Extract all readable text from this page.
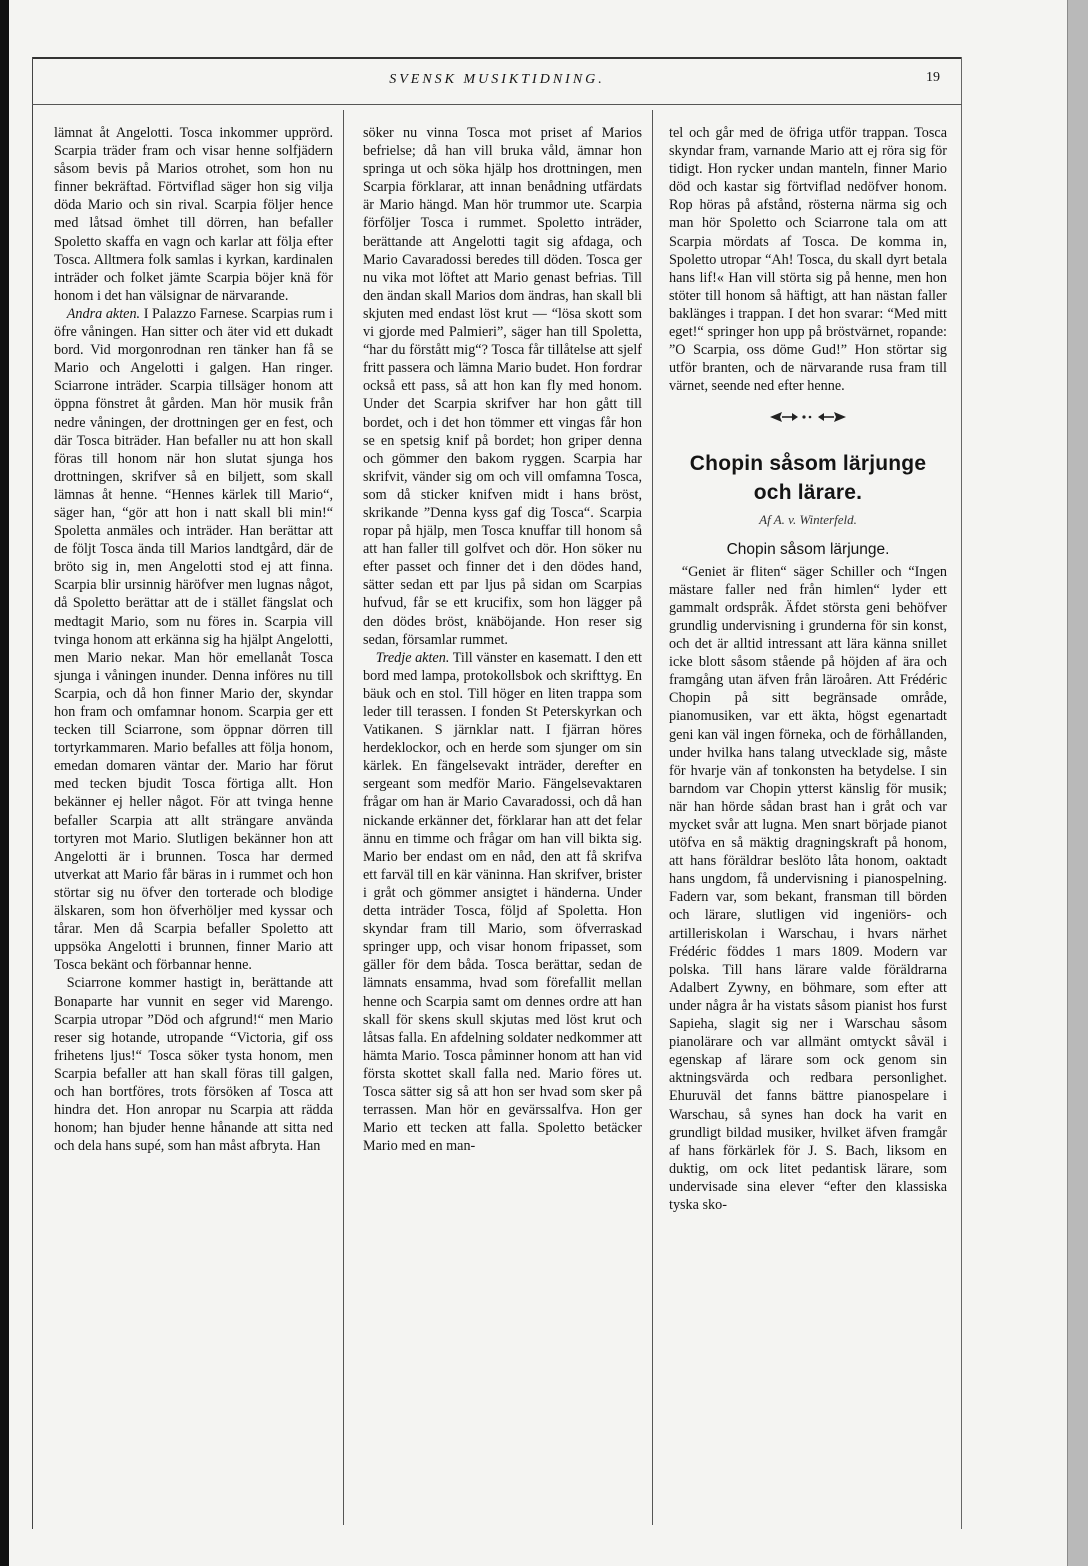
SVENSK MUSIKTIDNING.	19

lämnat åt Angelotti. Tosca inkommer upprörd. Scarpia träder fram och visar henne solfjädern såsom bevis på Marios otrohet, som hon nu finner bekräftad. Förtviflad säger hon sig vilja döda Mario och sin rival. Scarpia följer hence med låtsad ömhet till dörren, han befaller Spoletto skaffa en vagn och karlar att följa efter Tosca. Alltmera folk samlas i kyrkan, kardinalen inträder och folket jämte Scarpia böjer knä för honom i det han välsignar de närvarande.

Andra akten. I Palazzo Farnese. Scarpias rum i öfre våningen. Han sitter och äter vid ett dukadt bord. Vid morgonrodnan ren tänker han få se Mario och Angelotti i galgen. Han ringer. Sciarrone inträder. Scarpia tillsäger honom att öppna fönstret åt gården. Man hör musik från nedre våningen, der drottningen ger en fest, och där Tosca biträder. Han befaller nu att hon skall föras till honom när hon slutat sjunga hos drottningen, skrifver så en biljett, som skall lämnas åt henne. “Hennes kärlek till Mario“, säger han, “gör att hon i natt skall bli min!“ Spoletta anmäles och inträder. Han berättar att de följt Tosca ända till Marios landtgård, där de bröto sig in, men Angelotti stod ej att finna. Scarpia blir ursinnig häröfver men lugnas något, då Spoletto berättar att de i stället fängslat och medtagit Mario, som nu föres in. Scarpia vill tvinga honom att erkänna sig ha hjälpt Angelotti, men Mario nekar. Man hör emellanåt Tosca sjunga i våningen inunder. Denna införes nu till Scarpia, och då hon finner Mario der, skyndar hon fram och omfamnar honom. Scarpia ger ett tecken till Sciarrone, som öppnar dörren till tortyrkammaren. Mario befalles att följa honom, emedan domaren väntar der. Mario har förut med tecken bjudit Tosca förtiga allt. Hon bekänner ej heller något. För att tvinga henne befaller Scarpia att allt strängare använda tortyren mot Mario. Slutligen bekänner hon att Angelotti är i brunnen. Tosca har dermed utverkat att Mario får bäras in i rummet och hon störtar sig nu öfver den torterade och blodige älskaren, som hon öfverhöljer med kyssar och tårar. Men då Scarpia befaller Spoletto att uppsöka Angelotti i brunnen, finner Mario att Tosca bekänt och förbannar henne.

Sciarrone kommer hastigt in, berättande att Bonaparte har vunnit en seger vid Marengo. Scarpia utropar ”Död och afgrund!“ men Mario reser sig hotande, utropande “Victoria, gif oss frihetens ljus!“ Tosca söker tysta honom, men Scarpia befaller att han skall föras till galgen, och han bortföres, trots försöken af Tosca att hindra det. Hon anropar nu Scarpia att rädda honom; han bjuder henne hånande att sitta ned och dela hans supé, som han måst afbryta. Han

söker nu vinna Tosca mot priset af Marios befrielse; då han vill bruka våld, ämnar hon springa ut och söka hjälp hos drottningen, men Scarpia förklarar, att innan benådning utfärdats är Mario hängd. Man hör trummor ute. Scarpia förföljer Tosca i rummet. Spoletto inträder, berättande att Angelotti tagit sig afdaga, och Mario Cavaradossi beredes till döden. Tosca ger nu vika mot löftet att Mario genast befrias. Till den ändan skall Marios dom ändras, han skall bli skjuten med endast löst krut — “lösa skott som vi gjorde med Palmieri”, säger han till Spoletta, “har du förstått mig“? Tosca får tillåtelse att sjelf fritt passera och lämna Mario budet. Hon fordrar också ett pass, så att hon kan fly med honom. Under det Scarpia skrifver har hon gått till bordet, och i det hon tömmer ett vingas får hon se en spetsig knif på bordet; hon griper denna och gömmer den bakom ryggen. Scarpia har skrifvit, vänder sig om och vill omfamna Tosca, som då sticker knifven midt i hans bröst, skrikande ”Denna kyss gaf dig Tosca“. Scarpia ropar på hjälp, men Tosca knuffar till honom så att han faller till golfvet och dör. Hon söker nu efter passet och finner det i den dödes hand, sätter sedan ett par ljus på sidan om Scarpias hufvud, får se ett krucifix, som hon lägger på den dödes bröst, knäböjande. Hon reser sig sedan, församlar rummet.

Tredje akten. Till vänster en kasematt. I den ett bord med lampa, protokollsbok och skrifttyg. En bäuk och en stol. Till höger en liten trappa som leder till terassen. I fonden St Peterskyrkan och Vatikanen. S järnklar natt. I fjärran höres herdeklockor, och en herde som sjunger om sin kärlek. En fängelsevakt inträder, derefter en sergeant som medför Mario. Fängelsevaktaren frågar om han är Mario Cavaradossi, och då han nickande erkänner det, förklarar han att det felar ännu en timme och frågar om han vill bikta sig. Mario ber endast om en nåd, den att få skrifva ett farväl till en kär väninna. Han skrifver, brister i gråt och gömmer ansigtet i händerna. Under detta inträder Tosca, följd af Spoletta. Hon skyndar fram till Mario, som öfverraskad springer upp, och visar honom fripasset, som gäller för dem båda. Tosca berättar, sedan de lämnats ensamma, hvad som förefallit mellan henne och Scarpia samt om dennes ordre att han skall för skens skull skjutas med löst krut och låtsas falla. En afdelning soldater nedkommer att hämta Mario. Tosca påminner honom att han vid första skottet skall falla ned. Mario föres ut. Tosca sätter sig så att hon ser hvad som sker på terrassen. Man hör en gevärssalfva. Hon ger Mario ett tecken att falla. Spoletto betäcker Mario med en man-

tel och går med de öfriga utför trappan. Tosca skyndar fram, varnande Mario att ej röra sig för tidigt. Hon rycker undan manteln, finner Mario död och kastar sig förtviflad nedöfver honom. Rop höras på afstånd, rösterna närma sig och man hör Spoletto och Sciarrone tala om att Scarpia mördats af Tosca. De komma in, Spoletto utropar “Ah! Tosca, du skall dyrt betala hans lif!« Han vill störta sig på henne, men hon stöter till honom så häftigt, att han nästan faller baklänges i trappan. I det hon svarar: “Med mitt eget!“ springer hon upp på bröstvärnet, ropande: ”O Scarpia, oss döme Gud!” Hon störtar sig utför branten, och de närvarande rusa fram till värnet, seende ned efter henne.

Chopin såsom lärjunge och lärare.
Af A. v. Winterfeld.
Chopin såsom lärjunge.

“Geniet är fliten“ säger Schiller och “Ingen mästare faller ned från himlen“ lyder ett gammalt ordspråk. Äfdet största geni behöfver grundlig undervisning i grunderna för sin konst, och det är alltid intressant att lära känna snillet icke blott såsom stående på höjden af ära och framgång utan äfven från läroåren. Att Frédéric Chopin på sitt begränsade område, pianomusiken, var ett äkta, högst egenartadt geni kan väl ingen förneka, och de förhållanden, under hvilka hans talang utvecklade sig, måste för hvarje vän af tonkonsten ha betydelse. I sin barndom var Chopin ytterst känslig för musik; när han hörde sådan brast han i gråt och var mycket svår att lugna. Men snart började pianot utöfva en så mäktig dragningskraft på honom, att hans föräldrar beslöto låta honom, oaktadt hans ungdom, få undervisning i pianospelning. Fadern var, som bekant, fransman till börden och lärare, slutligen vid ingeniörs- och artilleriskolan i Warschau, i hvars närhet Frédéric föddes 1 mars 1809. Modern var polska. Till hans lärare valde föräldrarna Adalbert Zywny, en böhmare, som efter att under några år ha vistats såsom pianist hos furst Sapieha, slagit sig ner i Warschau såsom pianolärare och var allmänt omtyckt såväl i egenskap af lärare som ock genom sin aktningsvärda och redbara personlighet. Ehuruväl det fanns bättre pianospelare i Warschau, så synes han dock ha varit en grundligt bildad musiker, hvilket äfven framgår af hans förkärlek för J. S. Bach, liksom en duktig, om ock litet pedantisk lärare, som undervisade sina elever “efter den klassiska tyska sko-
